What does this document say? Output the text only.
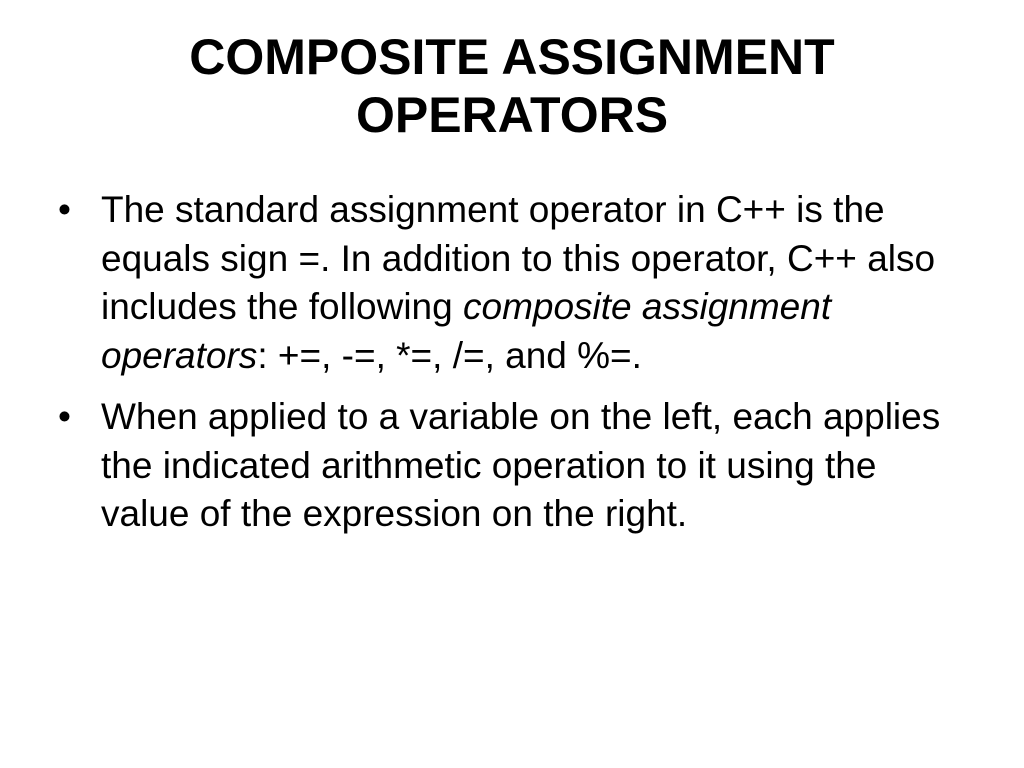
COMPOSITE ASSIGNMENT
OPERATORS
• The standard assignment operator in C++ is the equals sign =. In addition to this operator, C++ also includes the following composite assignment operators: +=, -=, *=, /=, and %=.
• When applied to a variable on the left, each applies the indicated arithmetic operation to it using the value of the expression on the right.
